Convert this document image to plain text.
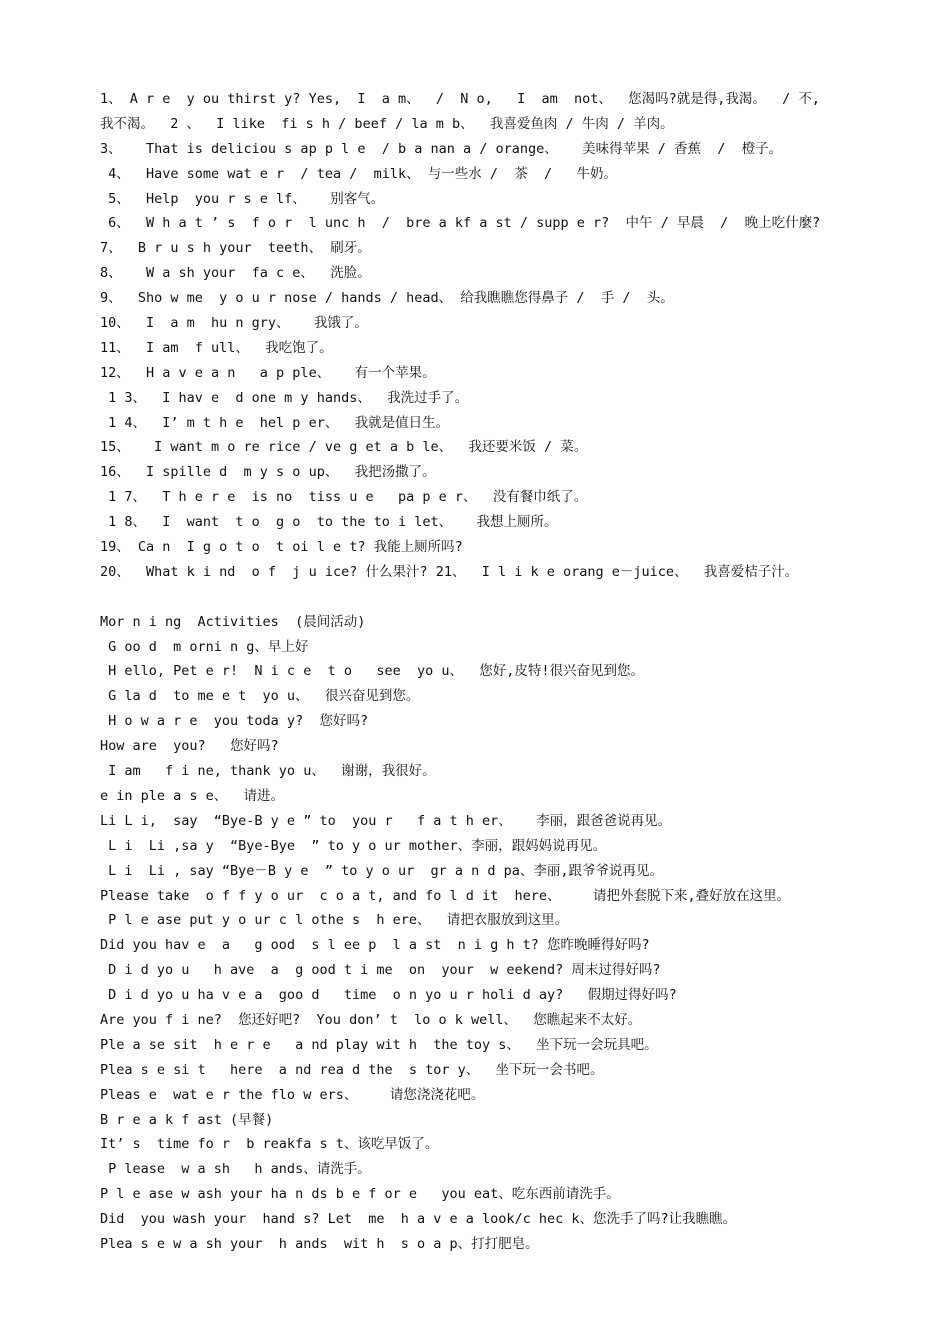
1、 A r e  y ou thirst y? Yes,  I  a m、  /  N o,   I  am  not、  您渴吗?就是得,我渴。  / 不,
我不渴。  2 、  I like  fi s h / beef / la m b、  我喜爱鱼肉 / 牛肉 / 羊肉。
3、   That is deliciou s ap p l e  / b a nan a / orange、   美味得苹果 / 香蕉  /  橙子。
4、  Have some wat e r  / tea /  milk、 与一些水 /  茶  /   牛奶。
5、  Help  you r s e lf、   别客气。
6、  W h a t ’ s  f o r  l unc h  /  bre a kf a st / supp e r?  中午 / 早晨  /  晚上吃什麼?
7、  B r u s h your  teeth、 刷牙。
8、   W a sh your  fa c e、  洗脸。
9、  Sho w me  y o u r nose / hands / head、 给我瞧瞧您得鼻子 /  手 /  头。
10、  I  a m  hu n gry、   我饿了。
11、  I am  f ull、  我吃饱了。
12、  H a v e a n   a p ple、   有一个苹果。
1 3、  I hav e  d one m y hands、  我洗过手了。
1 4、  I’ m t h e  hel p er、  我就是值日生。
15、   I want m o re rice / ve g et a b le、  我还要米饭 / 菜。
16、  I spille d  m y s o up、  我把汤撒了。
1 7、  T h e r e  is no  tiss u e   pa p e r、  没有餐巾纸了。
1 8、  I  want  t o  g o  to the to i let、   我想上厕所。
19、 Ca n  I g o t o  t oi l e t? 我能上厕所吗?
20、  What k i nd  o f  j u ice? 什么果汁? 21、  I l i k e orang e－juice、  我喜爱桔子汁。
Mor n i ng  Activities  (晨间活动)
G oo d  m orni n g、早上好
H ello, Pet e r!  N i c e  t o   see  yo u、  您好,皮特!很兴奋见到您。
G la d  to me e t  yo u、  很兴奋见到您。
H o w a r e  you toda y?  您好吗?
How are  you?   您好吗?
I am   f i ne, thank yo u、  谢谢，我很好。
e in ple a s e、  请进。
Li L i,  say  “Bye-B y e ” to  you r   f a t h er、   李丽，跟爸爸说再见。
L i  Li ,sa y  “Bye-Bye  ” to y o ur mother、李丽，跟妈妈说再见。
L i  Li , say “Bye－B y e  ” to y o ur  gr a n d pa、李丽,跟爷爷说再见。
Please take  o f f y o ur  c o a t, and fo l d it  here、    请把外套脱下来,叠好放在这里。
P l e ase put y o ur c l othe s  h ere、  请把衣服放到这里。
Did you hav e  a   g ood  s l ee p  l a st  n i g h t? 您昨晚睡得好吗?
D i d yo u   h ave  a  g ood t i me  on  your  w eekend? 周末过得好吗?
D i d yo u ha v e a  goo d   time  o n yo u r holi d ay?   假期过得好吗?
Are you f i ne?  您还好吧?  You don’ t  lo o k well、  您瞧起来不太好。
Ple a se sit  h e r e   a nd play wit h  the toy s、  坐下玩一会玩具吧。
Plea s e si t   here  a nd rea d the  s tor y、  坐下玩一会书吧。
Pleas e  wat e r the flo w ers、    请您浇浇花吧。
B r e a k f ast (早餐)
It’ s  time fo r  b reakfa s t、该吃早饭了。
P lease  w a sh   h ands、请洗手。
P l e ase w ash your ha n ds b e f or e   you eat、吃东西前请洗手。
Did  you wash your  hand s? Let  me  h a v e a look/c hec k、您洗手了吗?让我瞧瞧。
Plea s e w a sh your  h ands  wit h  s o a p、打打肥皂。
